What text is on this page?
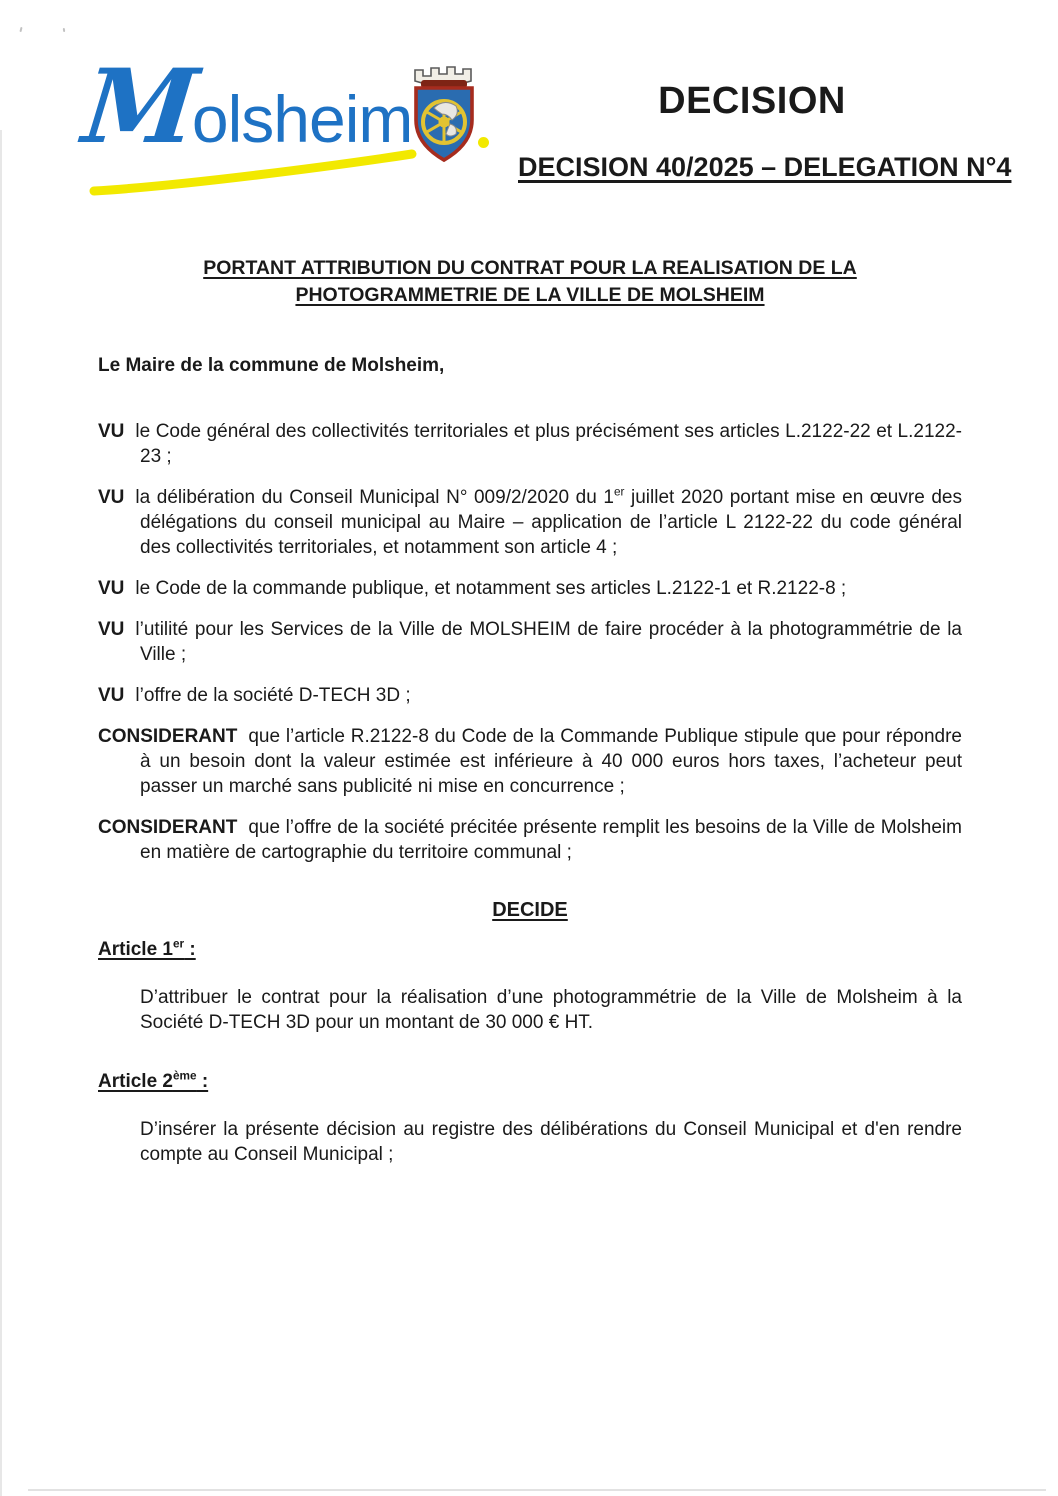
M
olsheim	DECISION
DECISION 40/2025 – DELEGATION N°4
PORTANT ATTRIBUTION DU CONTRAT POUR LA REALISATION DE LA
PHOTOGRAMMETRIE DE LA VILLE DE MOLSHEIM
Le Maire de la commune de Molsheim,

VU le Code général des collectivités territoriales et plus précisément ses articles L.2122-22 et L.2122-23 ;

VU la délibération du Conseil Municipal N° 009/2/2020 du 1er juillet 2020 portant mise en œuvre des délégations du conseil municipal au Maire – application de l’article L 2122-22 du code général des collectivités territoriales, et notamment son article 4 ;

VU le Code de la commande publique, et notamment ses articles L.2122-1 et R.2122-8 ;

VU l’utilité pour les Services de la Ville de MOLSHEIM de faire procéder à la photogrammétrie de la Ville ;

VU l’offre de la société D-TECH 3D ;

CONSIDERANT que l’article R.2122-8 du Code de la Commande Publique stipule que pour répondre à un besoin dont la valeur estimée est inférieure à 40 000 euros hors taxes, l’acheteur peut passer un marché sans publicité ni mise en concurrence ;

CONSIDERANT que l’offre de la société précitée présente remplit les besoins de la Ville de Molsheim en matière de cartographie du territoire communal ;

DECIDE
Article 1er :

D’attribuer le contrat pour la réalisation d’une photogrammétrie de la Ville de Molsheim à la Société D-TECH 3D pour un montant de 30 000 € HT.

Article 2ème :

D’insérer la présente décision au registre des délibérations du Conseil Municipal et d'en rendre compte au Conseil Municipal ;
